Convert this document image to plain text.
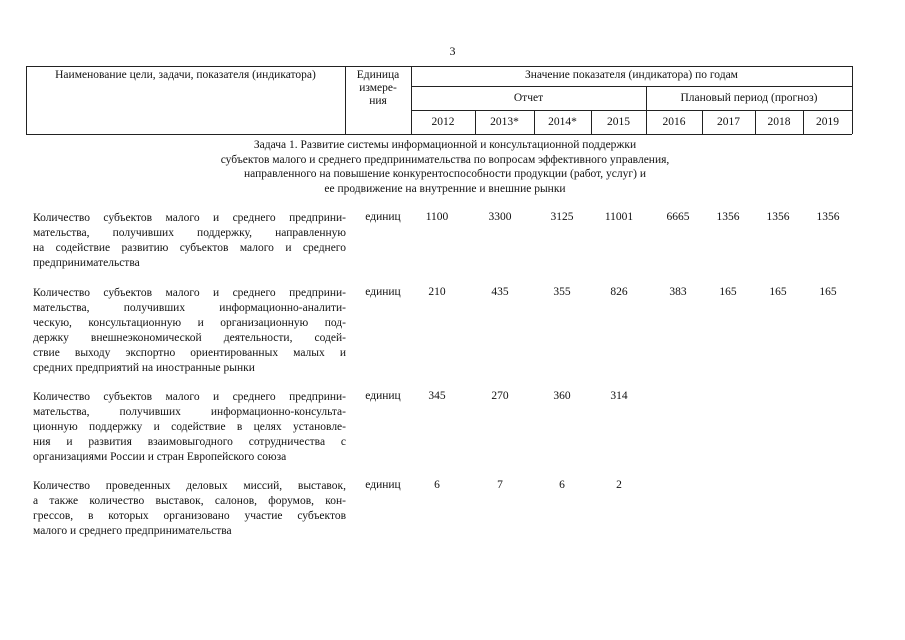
3
Наименование цели, задачи, показателя (индикатора)	Единица
измере-
ния
Значение показателя (индикатора) по годам
Отчет	Плановый период (прогноз)
2012	2013*	2014*	2015	2016	2017	2018	2019
Задача 1. Развитие системы информационной и консультационной поддержки
субъектов малого и среднего предпринимательства по вопросам эффективного управления,
направленного на повышение конкурентоспособности продукции (работ, услуг) и
ее продвижение на внутренние и внешние рынки
Количество субъектов малого и среднего предприни-
мательства, получивших поддержку, направленную
на содействие развитию субъектов малого и среднего
предпринимательства
единиц	1100	3300	3125	11001	6665	1356	1356	1356
Количество субъектов малого и среднего предприни-
мательства, получивших информационно-аналити-
ческую, консультационную и организационную под-
держку внешнеэкономической деятельности, содей-
ствие выходу экспортно ориентированных малых и
средних предприятий на иностранные рынки
единиц	210	435	355	826	383	165	165	165
Количество субъектов малого и среднего предприни-
мательства, получивших информационно-консульта-
ционную поддержку и содействие в целях установле-
ния и развития взаимовыгодного сотрудничества с
организациями России и стран Европейского союза
единиц	345	270	360	314
Количество проведенных деловых миссий, выставок,
а также количество выставок, салонов, форумов, кон-
грессов, в которых организовано участие субъектов
малого и среднего предпринимательства
единиц	6	7	6	2
